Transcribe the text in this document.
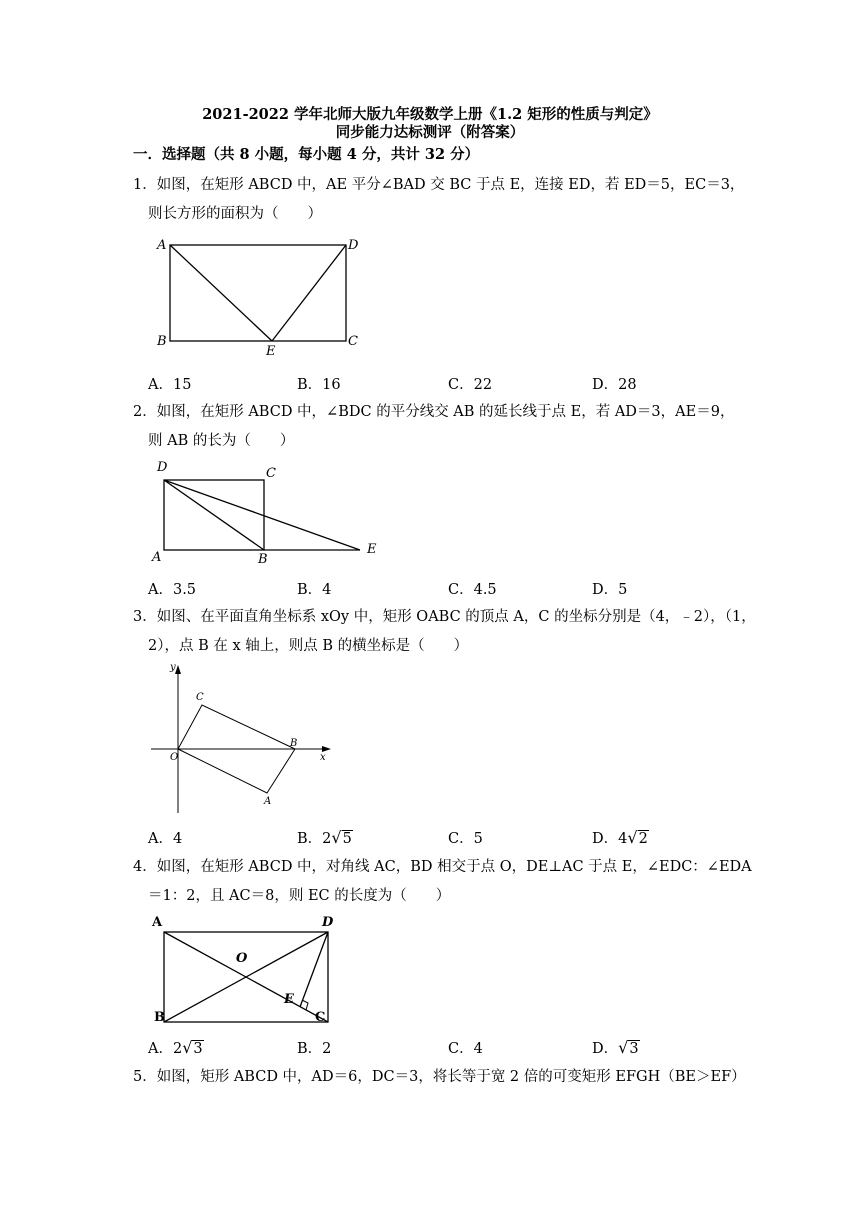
2021-2022 学年北师大版九年级数学上册《1.2 矩形的性质与判定》
同步能力达标测评（附答案）
一．选择题（共 8 小题，每小题 4 分，共计 32 分）
1．如图，在矩形 ABCD 中，AE 平分∠BAD 交 BC 于点 E，连接 ED，若 ED＝5，EC＝3，
则长方形的面积为（　　）
A	D
B
E
C
A．15	B．16	C．22	D．28
2．如图，在矩形 ABCD 中，∠BDC 的平分线交 AB 的延长线于点 E，若 AD＝3，AE＝9，
则 AB 的长为（　　）
D	C
A	B
E
A．3.5	B．4	C．4.5	D．5
3．如图、在平面直角坐标系 xOy 中，矩形 OABC 的顶点 A，C 的坐标分别是（4，﹣2），（1，
2），点 B 在 x 轴上，则点 B 的横坐标是（　　）
y
C
B
O	x
A
A．4	B．2√5	C．5	D．4√2
4．如图，在矩形 ABCD 中，对角线 AC，BD 相交于点 O，DE⊥AC 于点 E，∠EDC：∠EDA
＝1：2，且 AC＝8，则 EC 的长度为（　　）
A	D
O
E
B	C
A．2√3	B．2	C．4	D．√3
5．如图，矩形 ABCD 中，AD＝6，DC＝3，将长等于宽 2 倍的可变矩形 EFGH（BE＞EF）
